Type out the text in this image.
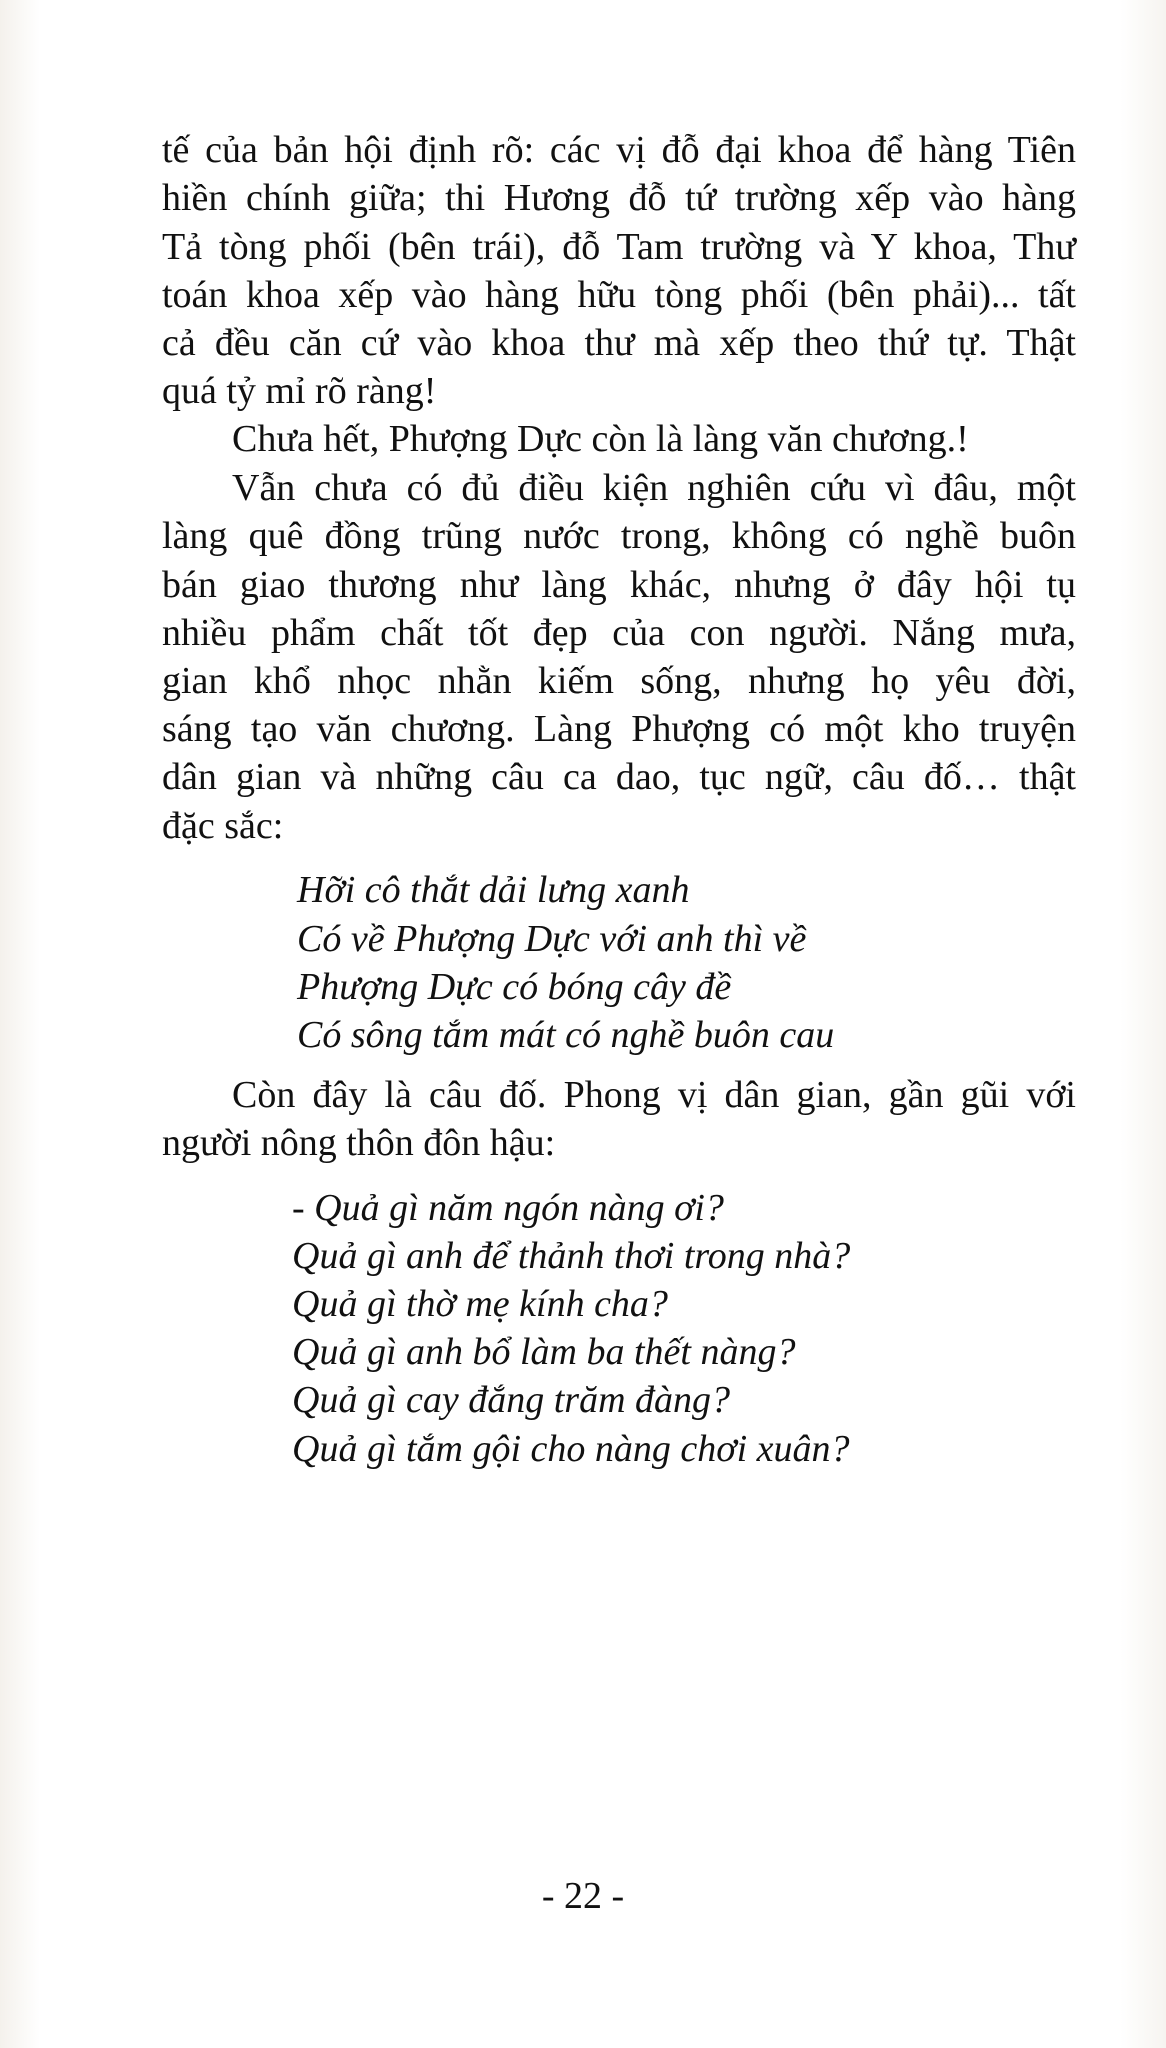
tế của bản hội định rõ: các vị đỗ đại khoa để hàng Tiên
hiền chính giữa; thi Hương đỗ tứ trường xếp vào hàng
Tả tòng phối (bên trái), đỗ Tam trường và Y khoa, Thư
toán khoa xếp vào hàng hữu tòng phối (bên phải)... tất
cả đều căn cứ vào khoa thư mà xếp theo thứ tự. Thật
quá tỷ mỉ rõ ràng!
Chưa hết, Phượng Dực còn là làng văn chương.!
Vẫn chưa có đủ điều kiện nghiên cứu vì đâu, một
làng quê đồng trũng nước trong, không có nghề buôn
bán giao thương như làng khác, nhưng ở đây hội tụ
nhiều phẩm chất tốt đẹp của con người. Nắng mưa,
gian khổ nhọc nhằn kiếm sống, nhưng họ yêu đời,
sáng tạo văn chương. Làng Phượng có một kho truyện
dân gian và những câu ca dao, tục ngữ, câu đố… thật
đặc sắc:
Hỡi cô thắt dải lưng xanh
Có về Phượng Dực với anh thì về
Phượng Dực có bóng cây đề
Có sông tắm mát có nghề buôn cau
Còn đây là câu đố. Phong vị dân gian, gần gũi với
người nông thôn đôn hậu:
- Quả gì năm ngón nàng ơi?
Quả gì anh để thảnh thơi trong nhà?
Quả gì thờ mẹ kính cha?
Quả gì anh bổ làm ba thết nàng?
Quả gì cay đắng trăm đàng?
Quả gì tắm gội cho nàng chơi xuân?
- 22 -
